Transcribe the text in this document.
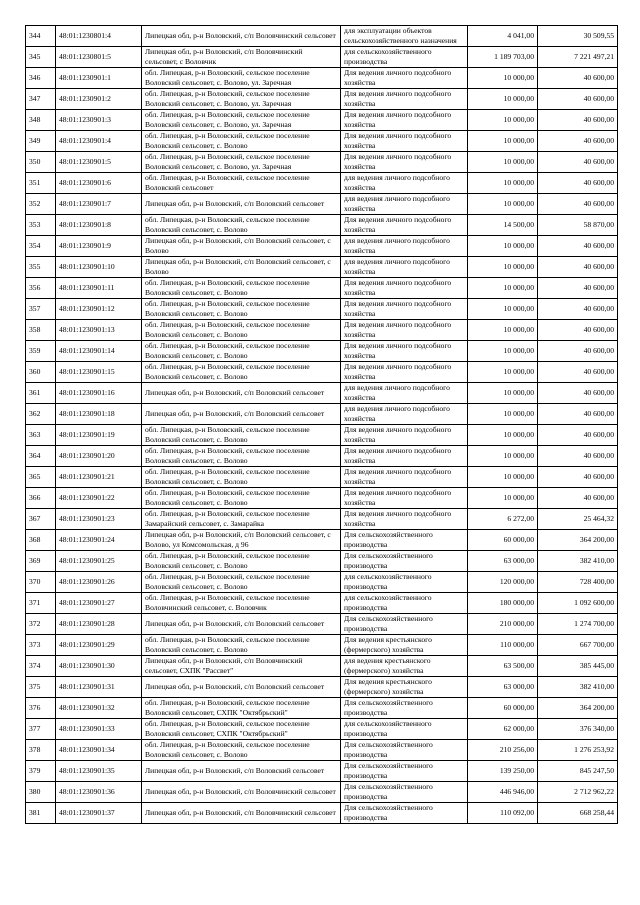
344	48:01:1230801:4	Липецкая обл, р-н Воловский, с/п Воловчинский сельсовет	для эксплуатации объектов сельскохозяйственного назначения	4 041,00	30 509,55
345	48:01:1230801:5	Липецкая обл, р-н Воловский, с/п Воловчинский сельсовет, с Воловчик	для сельскохозяйственного производства	1 189 703,00	7 221 497,21
346	48:01:1230901:1	обл. Липецкая, р-н Воловский, сельское поселение Воловский сельсовет, с. Волово, ул. Заречная	Для ведения личного подсобного хозяйства	10 000,00	40 600,00
347	48:01:1230901:2	обл. Липецкая, р-н Воловский, сельское поселение Воловский сельсовет, с. Волово, ул. Заречная	Для ведения личного подсобного хозяйства	10 000,00	40 600,00
348	48:01:1230901:3	обл. Липецкая, р-н Воловский, сельское поселение Воловский сельсовет, с. Волово, ул. Заречная	Для ведения личного подсобного хозяйства	10 000,00	40 600,00
349	48:01:1230901:4	обл. Липецкая, р-н Воловский, сельское поселение Воловский сельсовет, с. Волово	Для ведения личного подсобного хозяйства	10 000,00	40 600,00
350	48:01:1230901:5	обл. Липецкая, р-н Воловский, сельское поселение Воловский сельсовет, с. Волово, ул. Заречная	Для ведения личного подсобного хозяйства	10 000,00	40 600,00
351	48:01:1230901:6	обл. Липецкая, р-н Воловский, сельское поселение Воловский сельсовет	для ведения личного подсобного хозяйства	10 000,00	40 600,00
352	48:01:1230901:7	Липецкая обл, р-н Воловский, с/п Воловский сельсовет	для ведения личного подсобного хозяйства	10 000,00	40 600,00
353	48:01:1230901:8	обл. Липецкая, р-н Воловский, сельское поселение Воловский сельсовет, с. Волово	Для ведения личного подсобного хозяйства	14 500,00	58 870,00
354	48:01:1230901:9	Липецкая обл, р-н Воловский, с/п Воловский сельсовет, с Волово	для ведения личного подсобного хозяйства	10 000,00	40 600,00
355	48:01:1230901:10	Липецкая обл, р-н Воловский, с/п Воловский сельсовет, с Волово	для ведения личного подсобного хозяйства	10 000,00	40 600,00
356	48:01:1230901:11	обл. Липецкая, р-н Воловский, сельское поселение Воловский сельсовет, с. Волово	Для ведения личного подсобного хозяйства	10 000,00	40 600,00
357	48:01:1230901:12	обл. Липецкая, р-н Воловский, сельское поселение Воловский сельсовет, с. Волово	Для ведения личного подсобного хозяйства	10 000,00	40 600,00
358	48:01:1230901:13	обл. Липецкая, р-н Воловский, сельское поселение Воловский сельсовет, с. Волово	Для ведения личного подсобного хозяйства	10 000,00	40 600,00
359	48:01:1230901:14	обл. Липецкая, р-н Воловский, сельское поселение Воловский сельсовет, с. Волово	Для ведения личного подсобного хозяйства	10 000,00	40 600,00
360	48:01:1230901:15	обл. Липецкая, р-н Воловский, сельское поселение Воловский сельсовет, с. Волово	Для ведения личного подсобного хозяйства	10 000,00	40 600,00
361	48:01:1230901:16	Липецкая обл, р-н Воловский, с/п Воловский сельсовет	для ведения личного подсобного хозяйства	10 000,00	40 600,00
362	48:01:1230901:18	Липецкая обл, р-н Воловский, с/п Воловский сельсовет	для ведения личного подсобного хозяйства	10 000,00	40 600,00
363	48:01:1230901:19	обл. Липецкая, р-н Воловский, сельское поселение Воловский сельсовет, с. Волово	Для ведения личного подсобного хозяйства	10 000,00	40 600,00
364	48:01:1230901:20	обл. Липецкая, р-н Воловский, сельское поселение Воловский сельсовет, с. Волово	Для ведения личного подсобного хозяйства	10 000,00	40 600,00
365	48:01:1230901:21	обл. Липецкая, р-н Воловский, сельское поселение Воловский сельсовет, с. Волово	Для ведения личного подсобного хозяйства	10 000,00	40 600,00
366	48:01:1230901:22	обл. Липецкая, р-н Воловский, сельское поселение Воловский сельсовет, с. Волово	Для ведения личного подсобного хозяйства	10 000,00	40 600,00
367	48:01:1230901:23	обл. Липецкая, р-н Воловский, сельское поселение Замарайский сельсовет, с. Замарайка	Для ведения личного подсобного хозяйства	6 272,00	25 464,32
368	48:01:1230901:24	Липецкая обл, р-н Воловский, с/п Воловский сельсовет, с Волово, ул Комсомольская, д 96	Для сельскохозяйственного производства	60 000,00	364 200,00
369	48:01:1230901:25	обл. Липецкая, р-н Воловский, сельское поселение Воловский сельсовет, с. Волово	Для сельскохозяйственного производства	63 000,00	382 410,00
370	48:01:1230901:26	обл. Липецкая, р-н Воловский, сельское поселение Воловский сельсовет, с. Волово	для сельскохозяйственного производства	120 000,00	728 400,00
371	48:01:1230901:27	обл. Липецкая, р-н Воловский, сельское поселение Воловчинский сельсовет, с. Воловчик	для сельскохозяйственного производства	180 000,00	1 092 600,00
372	48:01:1230901:28	Липецкая обл, р-н Воловский, с/п Воловский сельсовет	Для сельскохозяйственного производства	210 000,00	1 274 700,00
373	48:01:1230901:29	обл. Липецкая, р-н Воловский, сельское поселение Воловский сельсовет, с. Волово	Для ведения крестьянского (фермерского) хозяйства	110 000,00	667 700,00
374	48:01:1230901:30	Липецкая обл, р-н Воловский, с/п Воловчинский сельсовет, СХПК "Рассвет"	для ведения крестьянского (фермерского) хозяйства	63 500,00	385 445,00
375	48:01:1230901:31	Липецкая обл, р-н Воловский, с/п Воловский сельсовет	Для ведения крестьянского (фермерского) хозяйства	63 000,00	382 410,00
376	48:01:1230901:32	обл. Липецкая, р-н Воловский, сельское поселение Воловский сельсовет, СХПК "Октябрьский"	Для сельскохозяйственного производства	60 000,00	364 200,00
377	48:01:1230901:33	обл. Липецкая, р-н Воловский, сельское поселение Воловский сельсовет, СХПК "Октябрьский"	для сельскохозяйственного производства	62 000,00	376 340,00
378	48:01:1230901:34	обл. Липецкая, р-н Воловский, сельское поселение Воловский сельсовет, с. Волово	Для сельскохозяйственного производства	210 256,00	1 276 253,92
379	48:01:1230901:35	Липецкая обл, р-н Воловский, с/п Воловский сельсовет	Для сельскохозяйственного производства	139 250,00	845 247,50
380	48:01:1230901:36	Липецкая обл, р-н Воловский, с/п Воловчинский сельсовет	Для сельскохозяйственного производства	446 946,00	2 712 962,22
381	48:01:1230901:37	Липецкая обл, р-н Воловский, с/п Воловчинский сельсовет	Для сельскохозяйственного производства	110 092,00	668 258,44
